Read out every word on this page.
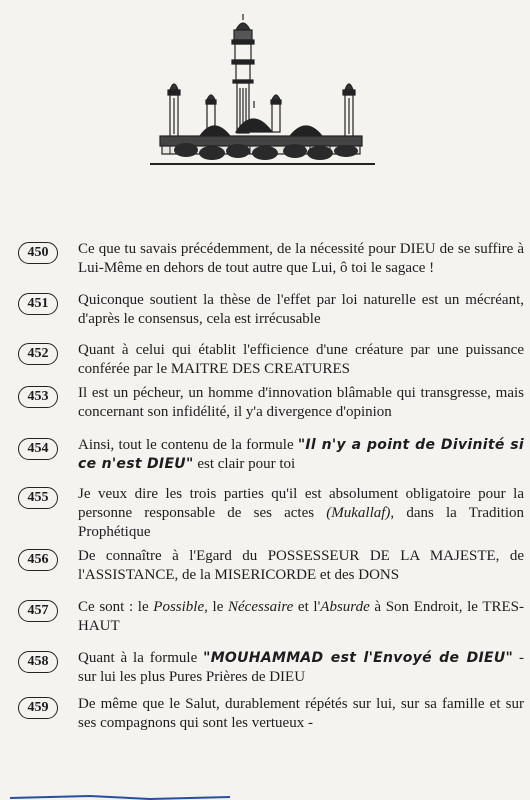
450	Ce que tu savais précédemment, de la nécessité pour DIEU de se suffire à Lui-Même en dehors de tout autre que Lui, ô toi le sagace !
451	Quiconque soutient la thèse de l'effet par loi naturelle est un mécréant, d'après le consensus, cela est irrécusable
452	Quant à celui qui établit l'efficience d'une créature par une puissance conférée par le MAITRE DES CREATURES
453	Il est un pécheur, un homme d'innovation blâmable qui transgresse, mais concernant son infidélité, il y'a divergence d'opinion
454	Ainsi, tout le contenu de la formule "Il n'y a point de Divinité si ce n'est DIEU" est clair pour toi
455	Je veux dire les trois parties qu'il est absolument obligatoire pour la personne responsable de ses actes (Mukallaf), dans la Tradition Prophétique
456	De connaître à l'Egard du POSSESSEUR DE LA MAJESTE, de l'ASSISTANCE, de la MISERICORDE et des DONS
457	Ce sont : le Possible, le Nécessaire et l'Absurde à Son Endroit, le TRES-HAUT
458	Quant à la formule "MOUHAMMAD est l'Envoyé de DIEU" - sur lui les plus Pures Prières de DIEU
459	De même que le Salut, durablement répétés sur lui, sur sa famille et sur ses compagnons qui sont les vertueux -
